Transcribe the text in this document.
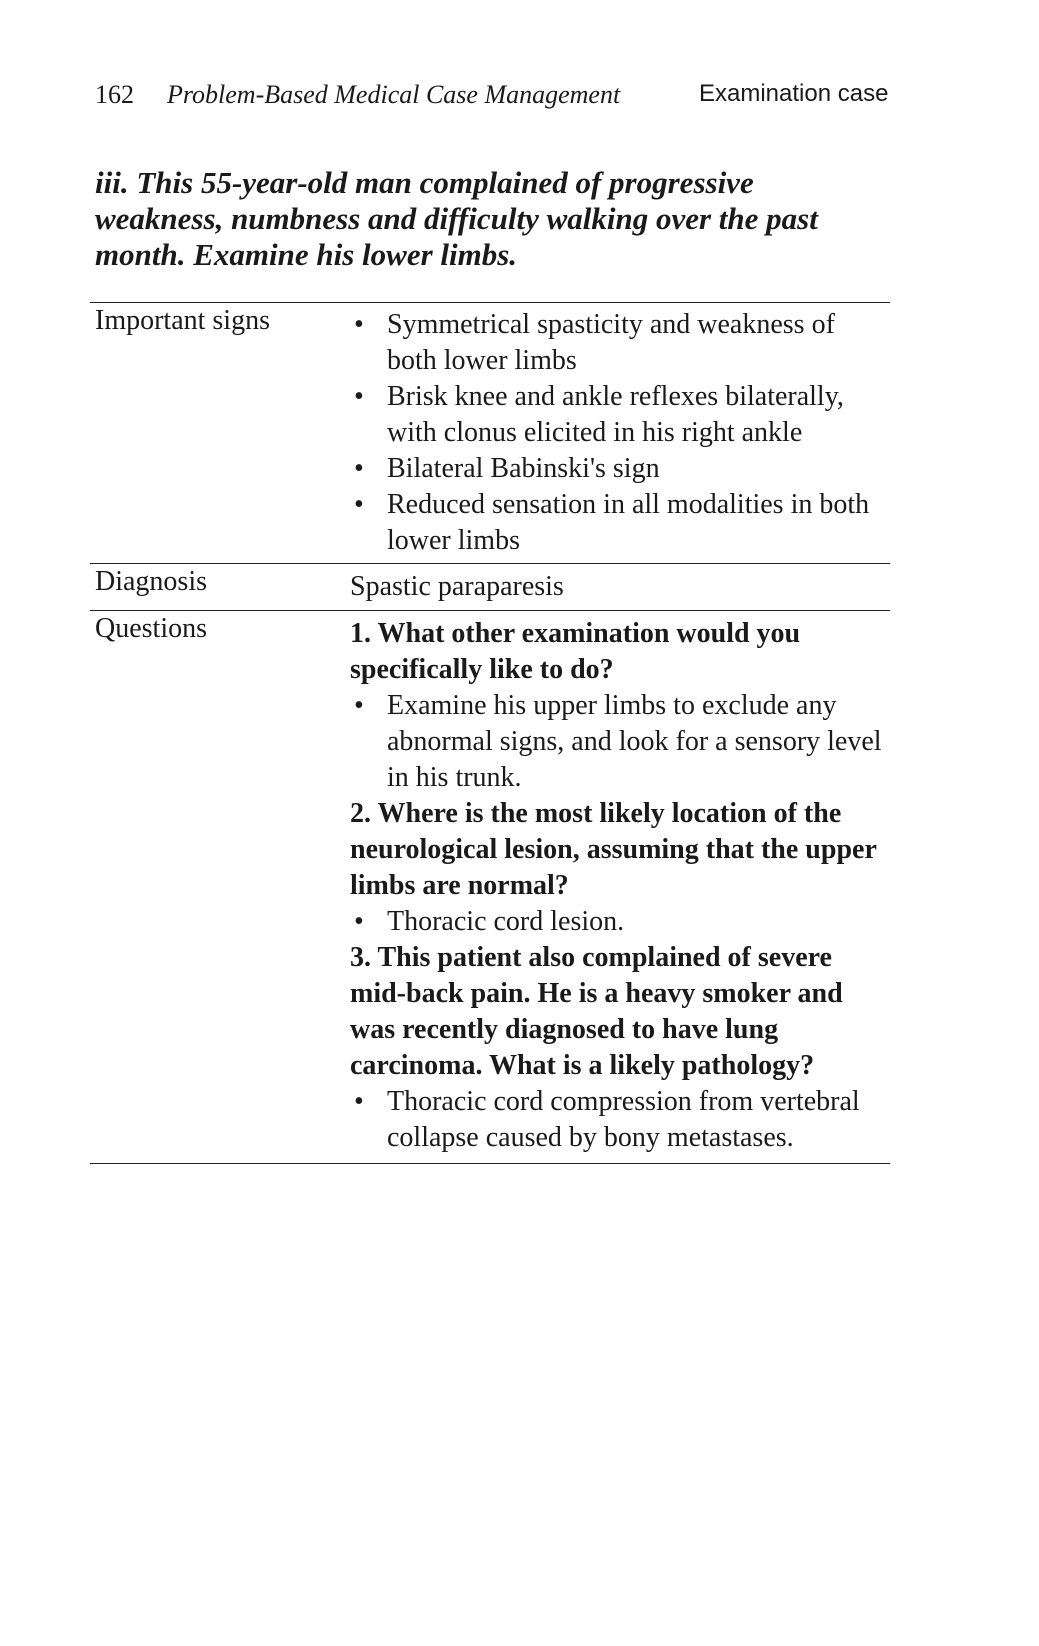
162 Problem-Based Medical Case Management	Examination case
iii. This 55-year-old man complained of progressive
weakness, numbness and difficulty walking over the past
month. Examine his lower limbs.
Important signs	• Symmetrical spasticity and weakness of both lower limbs
• Brisk knee and ankle reflexes bilaterally, with clonus elicited in his right ankle
• Bilateral Babinski's sign
• Reduced sensation in all modalities in both lower limbs
Diagnosis	Spastic paraparesis
Questions	1. What other examination would you specifically like to do?
• Examine his upper limbs to exclude any abnormal signs, and look for a sensory level in his trunk.
2. Where is the most likely location of the neurological lesion, assuming that the upper limbs are normal?
• Thoracic cord lesion.
3. This patient also complained of severe mid-back pain. He is a heavy smoker and was recently diagnosed to have lung carcinoma. What is a likely pathology?
• Thoracic cord compression from vertebral collapse caused by bony metastases.
